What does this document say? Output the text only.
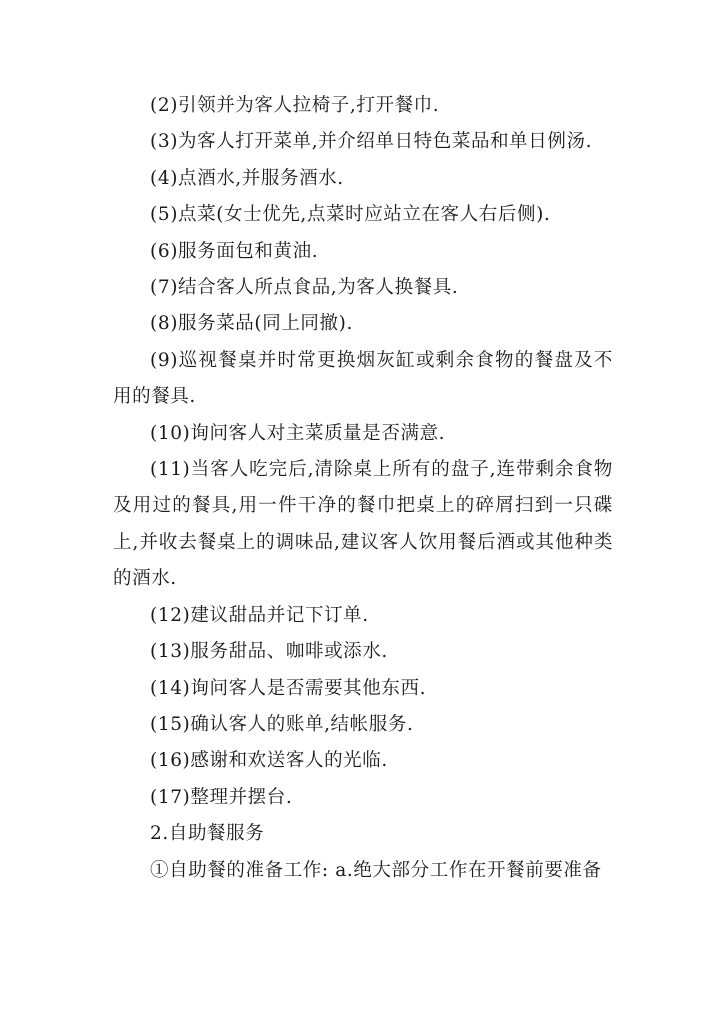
(2)引领并为客人拉椅子,打开餐巾.

(3)为客人打开菜单,并介绍单日特色菜品和单日例汤.

(4)点酒水,并服务酒水.

(5)点菜(女士优先,点菜时应站立在客人右后侧).

(6)服务面包和黄油.

(7)结合客人所点食品,为客人换餐具.

(8)服务菜品(同上同撤).

(9)巡视餐桌并时常更换烟灰缸或剩余食物的餐盘及不用的餐具.

(10)询问客人对主菜质量是否满意.

(11)当客人吃完后,清除桌上所有的盘子,连带剩余食物及用过的餐具,用一件干净的餐巾把桌上的碎屑扫到一只碟上,并收去餐桌上的调味品,建议客人饮用餐后酒或其他种类的酒水.

(12)建议甜品并记下订单.

(13)服务甜品、咖啡或添水.

(14)询问客人是否需要其他东西.

(15)确认客人的账单,结帐服务.

(16)感谢和欢送客人的光临.

(17)整理并摆台.

2.自助餐服务

①自助餐的准备工作: a.绝大部分工作在开餐前要准备
